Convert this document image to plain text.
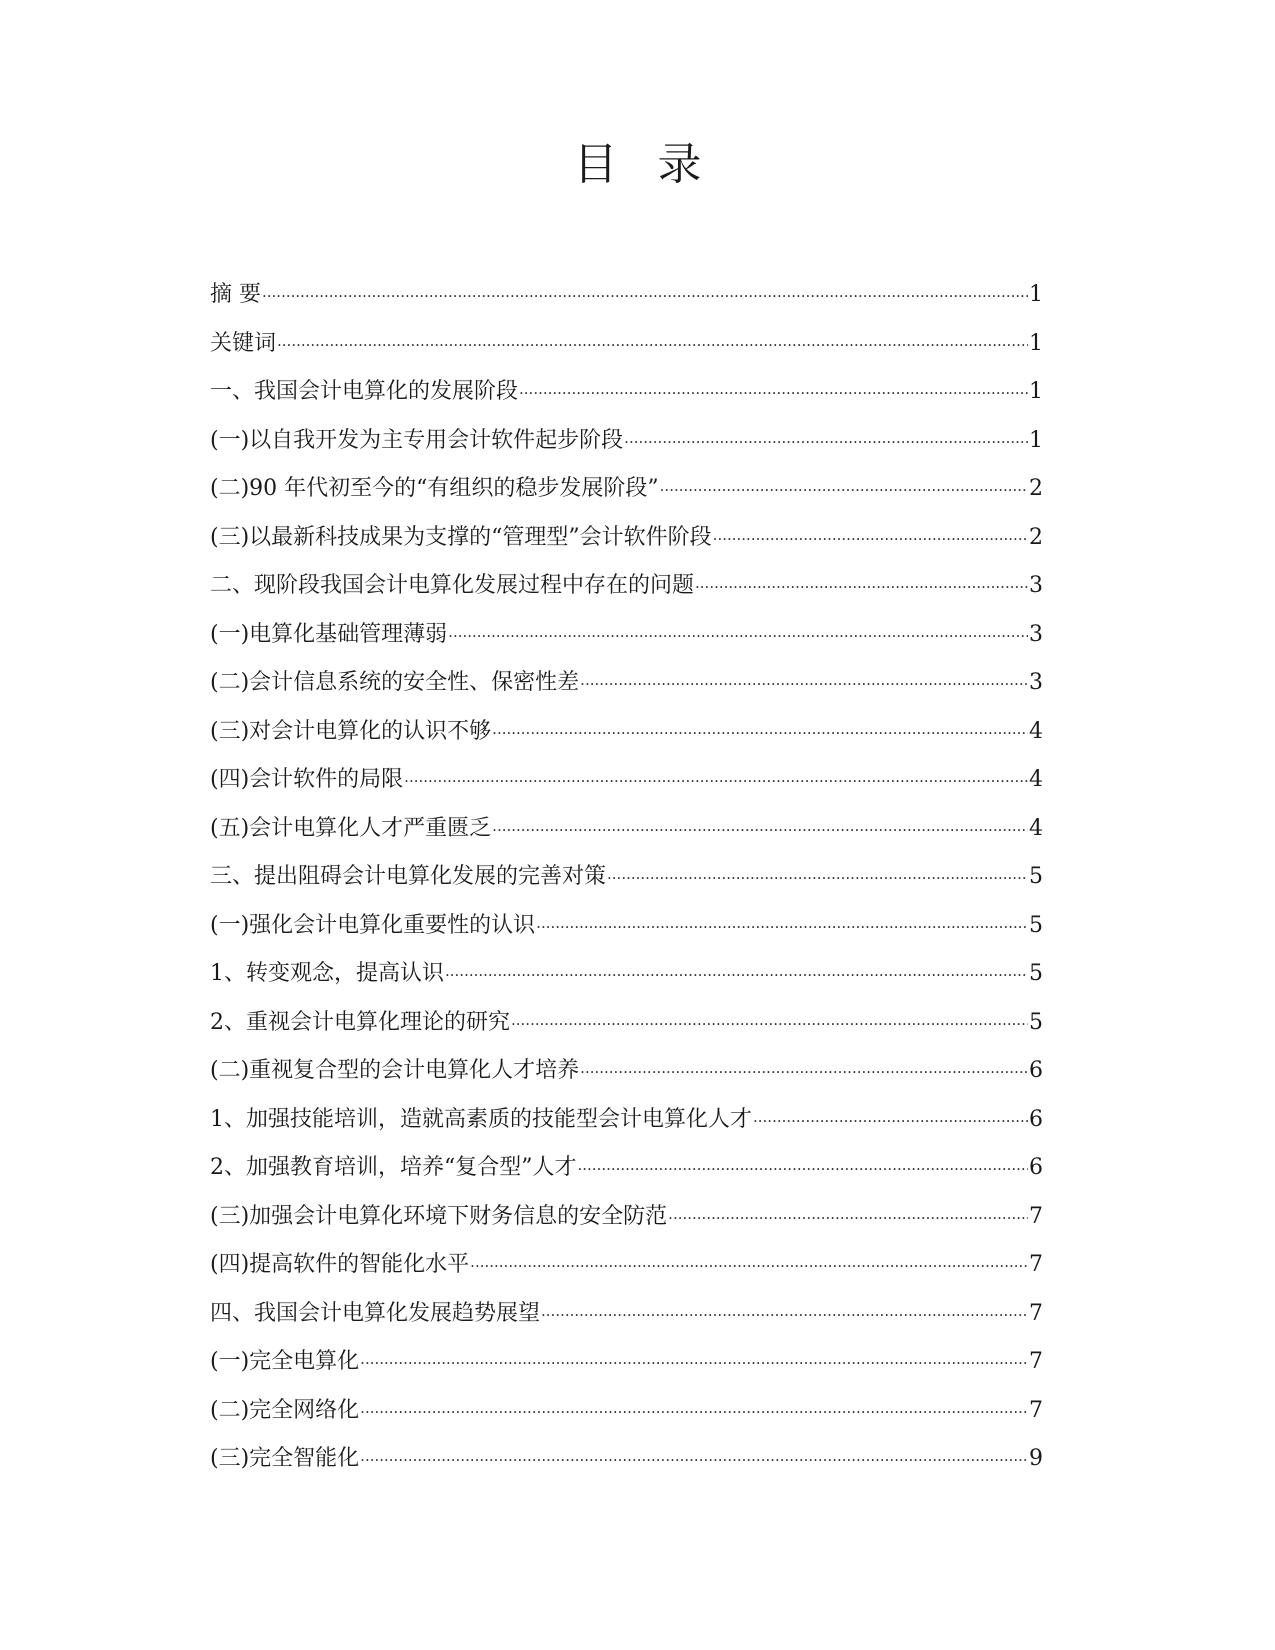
目录
摘 要 ·····	1
关键词 ·····	1
一、我国会计电算化的发展阶段 ·····	1
(一)以自我开发为主专用会计软件起步阶段 ·····	1
(二)90 年代初至今的“有组织的稳步发展阶段” ·····	2
(三)以最新科技成果为支撑的“管理型”会计软件阶段 ·····	2
二、现阶段我国会计电算化发展过程中存在的问题 ·····	3
(一)电算化基础管理薄弱 ·····	3
(二)会计信息系统的安全性、保密性差 ·····	3
(三)对会计电算化的认识不够 ·····	4
(四)会计软件的局限 ·····	4
(五)会计电算化人才严重匮乏 ·····	4
三、提出阻碍会计电算化发展的完善对策 ·····	5
(一)强化会计电算化重要性的认识 ·····	5
1、转变观念，提高认识 ·····	5
2、重视会计电算化理论的研究 ·····	5
(二)重视复合型的会计电算化人才培养 ·····	6
1、加强技能培训，造就高素质的技能型会计电算化人才 ·····	6
2、加强教育培训，培养“复合型”人才 ·····	6
(三)加强会计电算化环境下财务信息的安全防范 ·····	7
(四)提高软件的智能化水平 ·····	7
四、我国会计电算化发展趋势展望 ·····	7
(一)完全电算化 ·····	7
(二)完全网络化 ·····	7
(三)完全智能化 ·····	9
